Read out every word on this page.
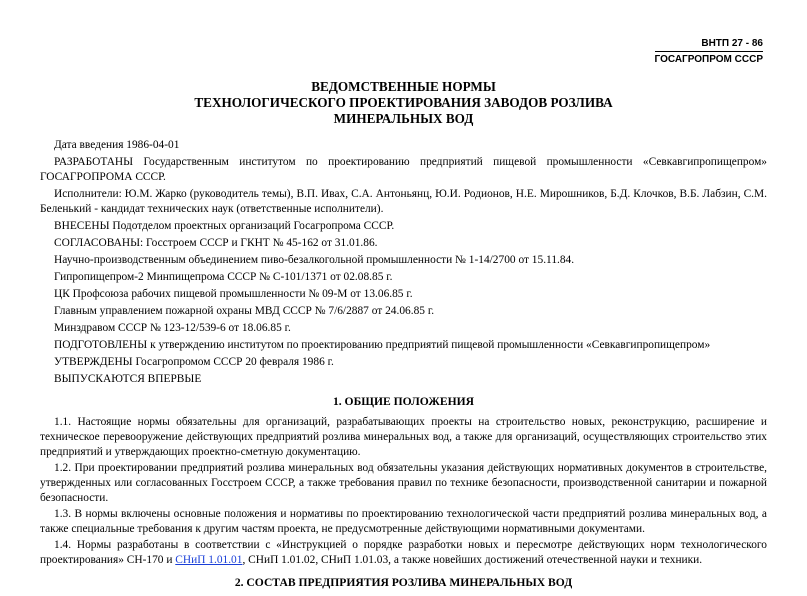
ВНТП 27 - 86
ГОСАГРОПРОМ СССР
ВЕДОМСТВЕННЫЕ НОРМЫ
ТЕХНОЛОГИЧЕСКОГО ПРОЕКТИРОВАНИЯ ЗАВОДОВ РОЗЛИВА
МИНЕРАЛЬНЫХ ВОД

Дата введения 1986-04-01

РАЗРАБОТАНЫ Государственным институтом по проектированию предприятий пищевой промышленности «Севкавгипропищепром» ГОСАГРОПРОМА СССР.

Исполнители: Ю.М. Жарко (руководитель темы), В.П. Ивах, С.А. Антоньянц, Ю.И. Родионов, Н.Е. Мирошников, Б.Д. Клочков, В.Б. Лабзин, С.М. Беленький - кандидат технических наук (ответственные исполнители).

ВНЕСЕНЫ Подотделом проектных организаций Госагропрома СССР.

СОГЛАСОВАНЫ: Госстроем СССР и ГКНТ № 45-162 от 31.01.86.

Научно-производственным объединением пиво-безалкогольной промышленности № 1-14/2700 от 15.11.84.

Гипропищепром-2 Минпищепрома СССР № С-101/1371 от 02.08.85 г.

ЦК Профсоюза рабочих пищевой промышленности № 09-М от 13.06.85 г.

Главным управлением пожарной охраны МВД СССР № 7/6/2887 от 24.06.85 г.

Минздравом СССР № 123-12/539-6 от 18.06.85 г.

ПОДГОТОВЛЕНЫ к утверждению институтом по проектированию предприятий пищевой промышленности «Севкавгипропищепром»

УТВЕРЖДЕНЫ Госагропромом СССР 20 февраля 1986 г.

ВЫПУСКАЮТСЯ ВПЕРВЫЕ

1. ОБЩИЕ ПОЛОЖЕНИЯ

1.1. Настоящие нормы обязательны для организаций, разрабатывающих проекты на строительство новых, реконструкцию, расширение и техническое перевооружение действующих предприятий розлива минеральных вод, а также для организаций, осуществляющих строительство этих предприятий и утверждающих проектно-сметную документацию.

1.2. При проектировании предприятий розлива минеральных вод обязательны указания действующих нормативных документов в строительстве, утвержденных или согласованных Госстроем СССР, а также требования правил по технике безопасности, производственной санитарии и пожарной безопасности.

1.3. В нормы включены основные положения и нормативы по проектированию технологической части предприятий розлива минеральных вод, а также специальные требования к другим частям проекта, не предусмотренные действующими нормативными документами.

1.4. Нормы разработаны в соответствии с «Инструкцией о порядке разработки новых и пересмотре действующих норм технологического проектирования» СН-170 и СНиП 1.01.01, СНиП 1.01.02, СНиП 1.01.03, а также новейших достижений отечественной науки и техники.

2. СОСТАВ ПРЕДПРИЯТИЯ РОЗЛИВА МИНЕРАЛЬНЫХ ВОД
